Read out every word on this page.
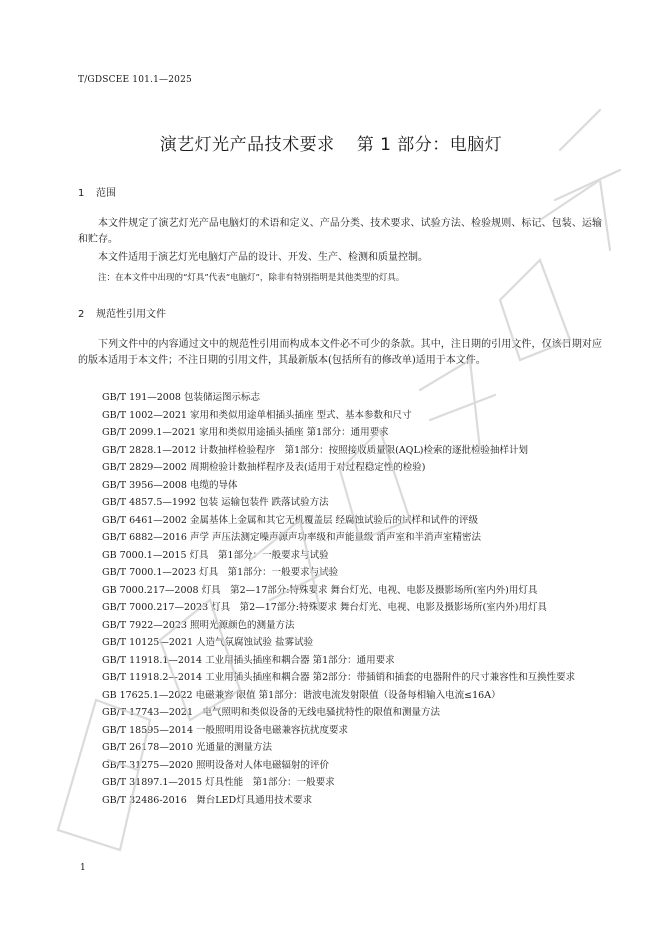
T/GDSCEE 101.1—2025
演艺灯光产品技术要求 第 1 部分：电脑灯
1 范围
本文件规定了演艺灯光产品电脑灯的术语和定义、产品分类、技术要求、试验方法、检验规则、标记、包装、运输和贮存。
本文件适用于演艺灯光电脑灯产品的设计、开发、生产、检测和质量控制。
注：在本文件中出现的“灯具”代表“电脑灯”，除非有特别指明是其他类型的灯具。
2 规范性引用文件
下列文件中的内容通过文中的规范性引用而构成本文件必不可少的条款。其中，注日期的引用文件，仅该日期对应的版本适用于本文件；不注日期的引用文件，其最新版本(包括所有的修改单)适用于本文件。
GB/T 191—2008 包装储运图示标志
GB/T 1002—2021 家用和类似用途单相插头插座 型式、基本参数和尺寸
GB/T 2099.1—2021 家用和类似用途插头插座 第1部分：通用要求
GB/T 2828.1—2012 计数抽样检验程序　第1部分：按照接收质量限(AQL)检索的逐批检验抽样计划
GB/T 2829—2002 周期检验计数抽样程序及表(适用于对过程稳定性的检验)
GB/T 3956—2008 电缆的导体
GB/T 4857.5—1992 包装 运输包装件 跌落试验方法
GB/T 6461—2002 金属基体上金属和其它无机覆盖层 经腐蚀试验后的试样和试件的评级
GB/T 6882—2016 声学 声压法测定噪声源声功率级和声能量级 消声室和半消声室精密法
GB 7000.1—2015 灯具　第1部分：一般要求与试验
GB/T 7000.1—2023 灯具　第1部分：一般要求与试验
GB 7000.217—2008 灯具　第2—17部分:特殊要求 舞台灯光、电视、电影及摄影场所(室内外)用灯具
GB/T 7000.217—2023 灯具　第2—17部分:特殊要求 舞台灯光、电视、电影及摄影场所(室内外)用灯具
GB/T 7922—2023 照明光源颜色的测量方法
GB/T 10125—2021 人造气氛腐蚀试验 盐雾试验
GB/T 11918.1—2014 工业用插头插座和耦合器 第1部分：通用要求
GB/T 11918.2—2014 工业用插头插座和耦合器 第2部分：带插销和插套的电器附件的尺寸兼容性和互换性要求
GB 17625.1—2022 电磁兼容 限值 第1部分：谐波电流发射限值（设备每相输入电流≤16A）
GB/T 17743—2021　电气照明和类似设备的无线电骚扰特性的限值和测量方法
GB/T 18595—2014 一般照明用设备电磁兼容抗扰度要求
GB/T 26178—2010 光通量的测量方法
GB/T 31275—2020 照明设备对人体电磁辐射的评价
GB/T 31897.1—2015 灯具性能　第1部分：一般要求
GB/T 32486-2016　舞台LED灯具通用技术要求
1
